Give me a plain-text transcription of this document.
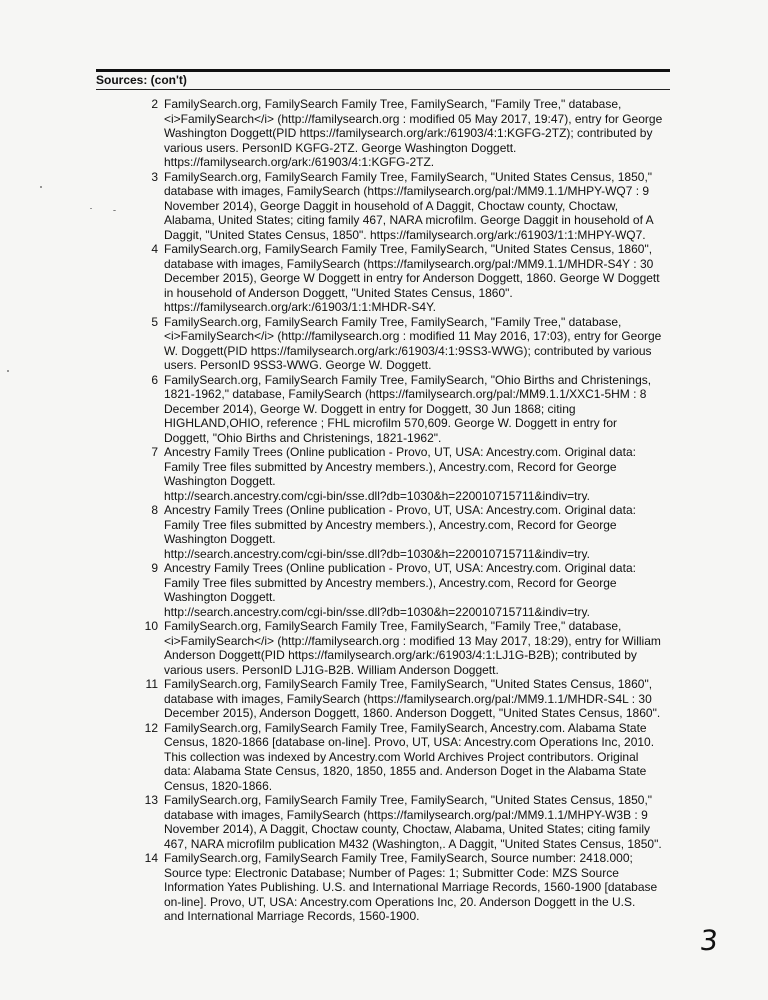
Sources: (con't)
2 FamilySearch.org, FamilySearch Family Tree, FamilySearch, "Family Tree," database,
<i>FamilySearch</i> (http://familysearch.org : modified 05 May 2017, 19:47), entry for George
Washington Doggett(PID https://familysearch.org/ark:/61903/4:1:KGFG-2TZ); contributed by
various users. PersonID KGFG-2TZ. George Washington Doggett.
https://familysearch.org/ark:/61903/4:1:KGFG-2TZ.
3 FamilySearch.org, FamilySearch Family Tree, FamilySearch, "United States Census, 1850,"
database with images, FamilySearch (https://familysearch.org/pal:/MM9.1.1/MHPY-WQ7 : 9
November 2014), George Daggit in household of A Daggit, Choctaw county, Choctaw,
Alabama, United States; citing family 467, NARA microfilm. George Daggit in household of A
Daggit, "United States Census, 1850". https://familysearch.org/ark:/61903/1:1:MHPY-WQ7.
4 FamilySearch.org, FamilySearch Family Tree, FamilySearch, "United States Census, 1860",
database with images, FamilySearch (https://familysearch.org/pal:/MM9.1.1/MHDR-S4Y : 30
December 2015), George W Doggett in entry for Anderson Doggett, 1860. George W Doggett
in household of Anderson Doggett, "United States Census, 1860".
https://familysearch.org/ark:/61903/1:1:MHDR-S4Y.
5 FamilySearch.org, FamilySearch Family Tree, FamilySearch, "Family Tree," database,
<i>FamilySearch</i> (http://familysearch.org : modified 11 May 2016, 17:03), entry for George
W. Doggett(PID https://familysearch.org/ark:/61903/4:1:9SS3-WWG); contributed by various
users. PersonID 9SS3-WWG. George W. Doggett.
6 FamilySearch.org, FamilySearch Family Tree, FamilySearch, "Ohio Births and Christenings,
1821-1962," database, FamilySearch (https://familysearch.org/pal:/MM9.1.1/XXC1-5HM : 8
December 2014), George W. Doggett in entry for Doggett, 30 Jun 1868; citing
HIGHLAND,OHIO, reference ; FHL microfilm 570,609. George W. Doggett in entry for
Doggett, "Ohio Births and Christenings, 1821-1962".
7 Ancestry Family Trees (Online publication - Provo, UT, USA: Ancestry.com. Original data:
Family Tree files submitted by Ancestry members.), Ancestry.com, Record for George
Washington Doggett.
http://search.ancestry.com/cgi-bin/sse.dll?db=1030&h=220010715711&indiv=try.
8 Ancestry Family Trees (Online publication - Provo, UT, USA: Ancestry.com. Original data:
Family Tree files submitted by Ancestry members.), Ancestry.com, Record for George
Washington Doggett.
http://search.ancestry.com/cgi-bin/sse.dll?db=1030&h=220010715711&indiv=try.
9 Ancestry Family Trees (Online publication - Provo, UT, USA: Ancestry.com. Original data:
Family Tree files submitted by Ancestry members.), Ancestry.com, Record for George
Washington Doggett.
http://search.ancestry.com/cgi-bin/sse.dll?db=1030&h=220010715711&indiv=try.
10 FamilySearch.org, FamilySearch Family Tree, FamilySearch, "Family Tree," database,
<i>FamilySearch</i> (http://familysearch.org : modified 13 May 2017, 18:29), entry for William
Anderson Doggett(PID https://familysearch.org/ark:/61903/4:1:LJ1G-B2B); contributed by
various users. PersonID LJ1G-B2B. William Anderson Doggett.
11 FamilySearch.org, FamilySearch Family Tree, FamilySearch, "United States Census, 1860",
database with images, FamilySearch (https://familysearch.org/pal:/MM9.1.1/MHDR-S4L : 30
December 2015), Anderson Doggett, 1860. Anderson Doggett, "United States Census, 1860".
12 FamilySearch.org, FamilySearch Family Tree, FamilySearch, Ancestry.com. Alabama State
Census, 1820-1866 [database on-line]. Provo, UT, USA: Ancestry.com Operations Inc, 2010.
This collection was indexed by Ancestry.com World Archives Project contributors. Original
data: Alabama State Census, 1820, 1850, 1855 and. Anderson Doget in the Alabama State
Census, 1820-1866.
13 FamilySearch.org, FamilySearch Family Tree, FamilySearch, "United States Census, 1850,"
database with images, FamilySearch (https://familysearch.org/pal:/MM9.1.1/MHPY-W3B : 9
November 2014), A Daggit, Choctaw county, Choctaw, Alabama, United States; citing family
467, NARA microfilm publication M432 (Washington,. A Daggit, "United States Census, 1850".
14 FamilySearch.org, FamilySearch Family Tree, FamilySearch, Source number: 2418.000;
Source type: Electronic Database; Number of Pages: 1; Submitter Code: MZS Source
Information Yates Publishing. U.S. and International Marriage Records, 1560-1900 [database
on-line]. Provo, UT, USA: Ancestry.com Operations Inc, 20. Anderson Doggett in the U.S.
and International Marriage Records, 1560-1900.
3
